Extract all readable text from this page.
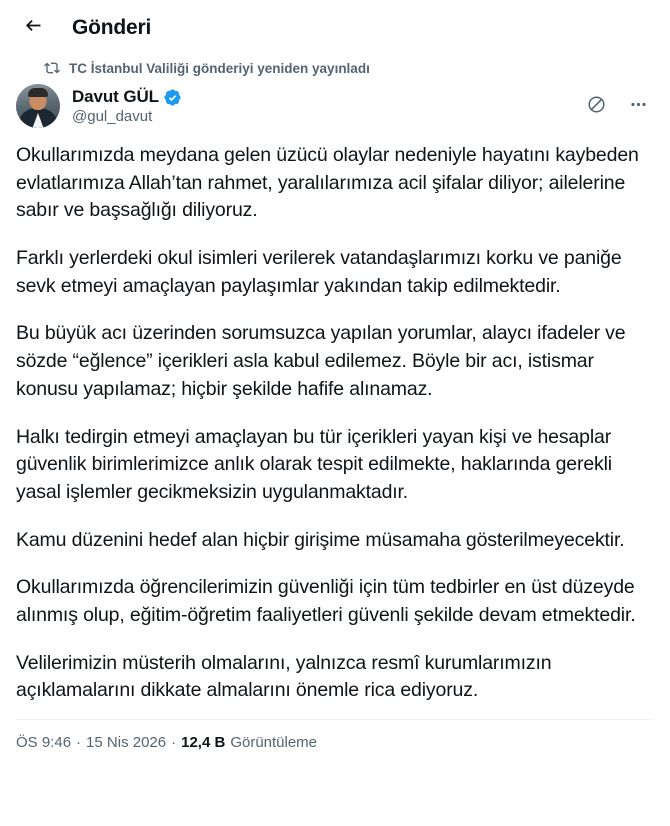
Gönderi
TC İstanbul Valiliği gönderiyi yeniden yayınladı
Davut GÜL
@gul_davut

Okullarımızda meydana gelen üzücü olaylar nedeniyle hayatını kaybeden evlatlarımıza Allah’tan rahmet, yaralılarımıza acil şifalar diliyor; ailelerine sabır ve başsağlığı diliyoruz.

Farklı yerlerdeki okul isimleri verilerek vatandaşlarımızı korku ve paniğe sevk etmeyi amaçlayan paylaşımlar yakından takip edilmektedir.

Bu büyük acı üzerinden sorumsuzca yapılan yorumlar, alaycı ifadeler ve sözde “eğlence” içerikleri asla kabul edilemez. Böyle bir acı, istismar konusu yapılamaz; hiçbir şekilde hafife alınamaz.

Halkı tedirgin etmeyi amaçlayan bu tür içerikleri yayan kişi ve hesaplar güvenlik birimlerimizce anlık olarak tespit edilmekte, haklarında gerekli yasal işlemler gecikmeksizin uygulanmaktadır.

Kamu düzenini hedef alan hiçbir girişime müsamaha gösterilmeyecektir.

Okullarımızda öğrencilerimizin güvenliği için tüm tedbirler en üst düzeyde alınmış olup, eğitim-öğretim faaliyetleri güvenli şekilde devam etmektedir.

Velilerimizin müsterih olmalarını, yalnızca resmî kurumlarımızın açıklamalarını dikkate almalarını önemle rica ediyoruz.

ÖS 9:46 · 15 Nis 2026 · 12,4 B Görüntüleme
